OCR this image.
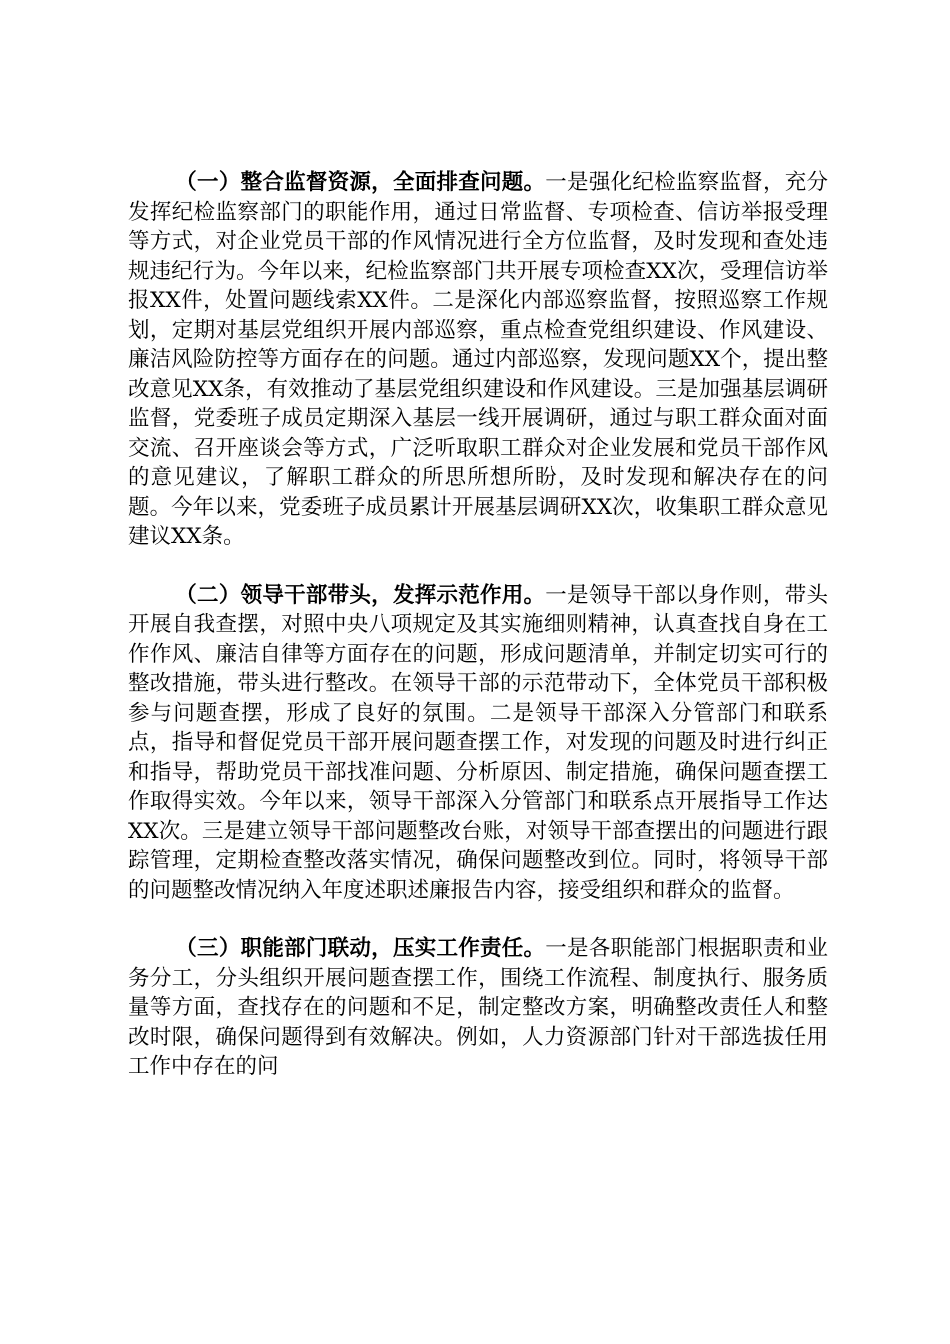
（一）整合监督资源，全面排查问题。一是强化纪检监察监督，充分发挥纪检监察部门的职能作用，通过日常监督、专项检查、信访举报受理等方式，对企业党员干部的作风情况进行全方位监督，及时发现和查处违规违纪行为。今年以来，纪检监察部门共开展专项检查XX次，受理信访举报XX件，处置问题线索XX件。二是深化内部巡察监督，按照巡察工作规划，定期对基层党组织开展内部巡察，重点检查党组织建设、作风建设、廉洁风险防控等方面存在的问题。通过内部巡察，发现问题XX个，提出整改意见XX条，有效推动了基层党组织建设和作风建设。三是加强基层调研监督，党委班子成员定期深入基层一线开展调研，通过与职工群众面对面交流、召开座谈会等方式，广泛听取职工群众对企业发展和党员干部作风的意见建议，了解职工群众的所思所想所盼，及时发现和解决存在的问题。今年以来，党委班子成员累计开展基层调研XX次，收集职工群众意见建议XX条。

（二）领导干部带头，发挥示范作用。一是领导干部以身作则，带头开展自我查摆，对照中央八项规定及其实施细则精神，认真查找自身在工作作风、廉洁自律等方面存在的问题，形成问题清单，并制定切实可行的整改措施，带头进行整改。在领导干部的示范带动下，全体党员干部积极参与问题查摆，形成了良好的氛围。二是领导干部深入分管部门和联系点，指导和督促党员干部开展问题查摆工作，对发现的问题及时进行纠正和指导，帮助党员干部找准问题、分析原因、制定措施，确保问题查摆工作取得实效。今年以来，领导干部深入分管部门和联系点开展指导工作达XX次。三是建立领导干部问题整改台账，对领导干部查摆出的问题进行跟踪管理，定期检查整改落实情况，确保问题整改到位。同时，将领导干部的问题整改情况纳入年度述职述廉报告内容，接受组织和群众的监督。

（三）职能部门联动，压实工作责任。一是各职能部门根据职责和业务分工，分头组织开展问题查摆工作，围绕工作流程、制度执行、服务质量等方面，查找存在的问题和不足，制定整改方案，明确整改责任人和整改时限，确保问题得到有效解决。例如，人力资源部门针对干部选拔任用工作中存在的问
